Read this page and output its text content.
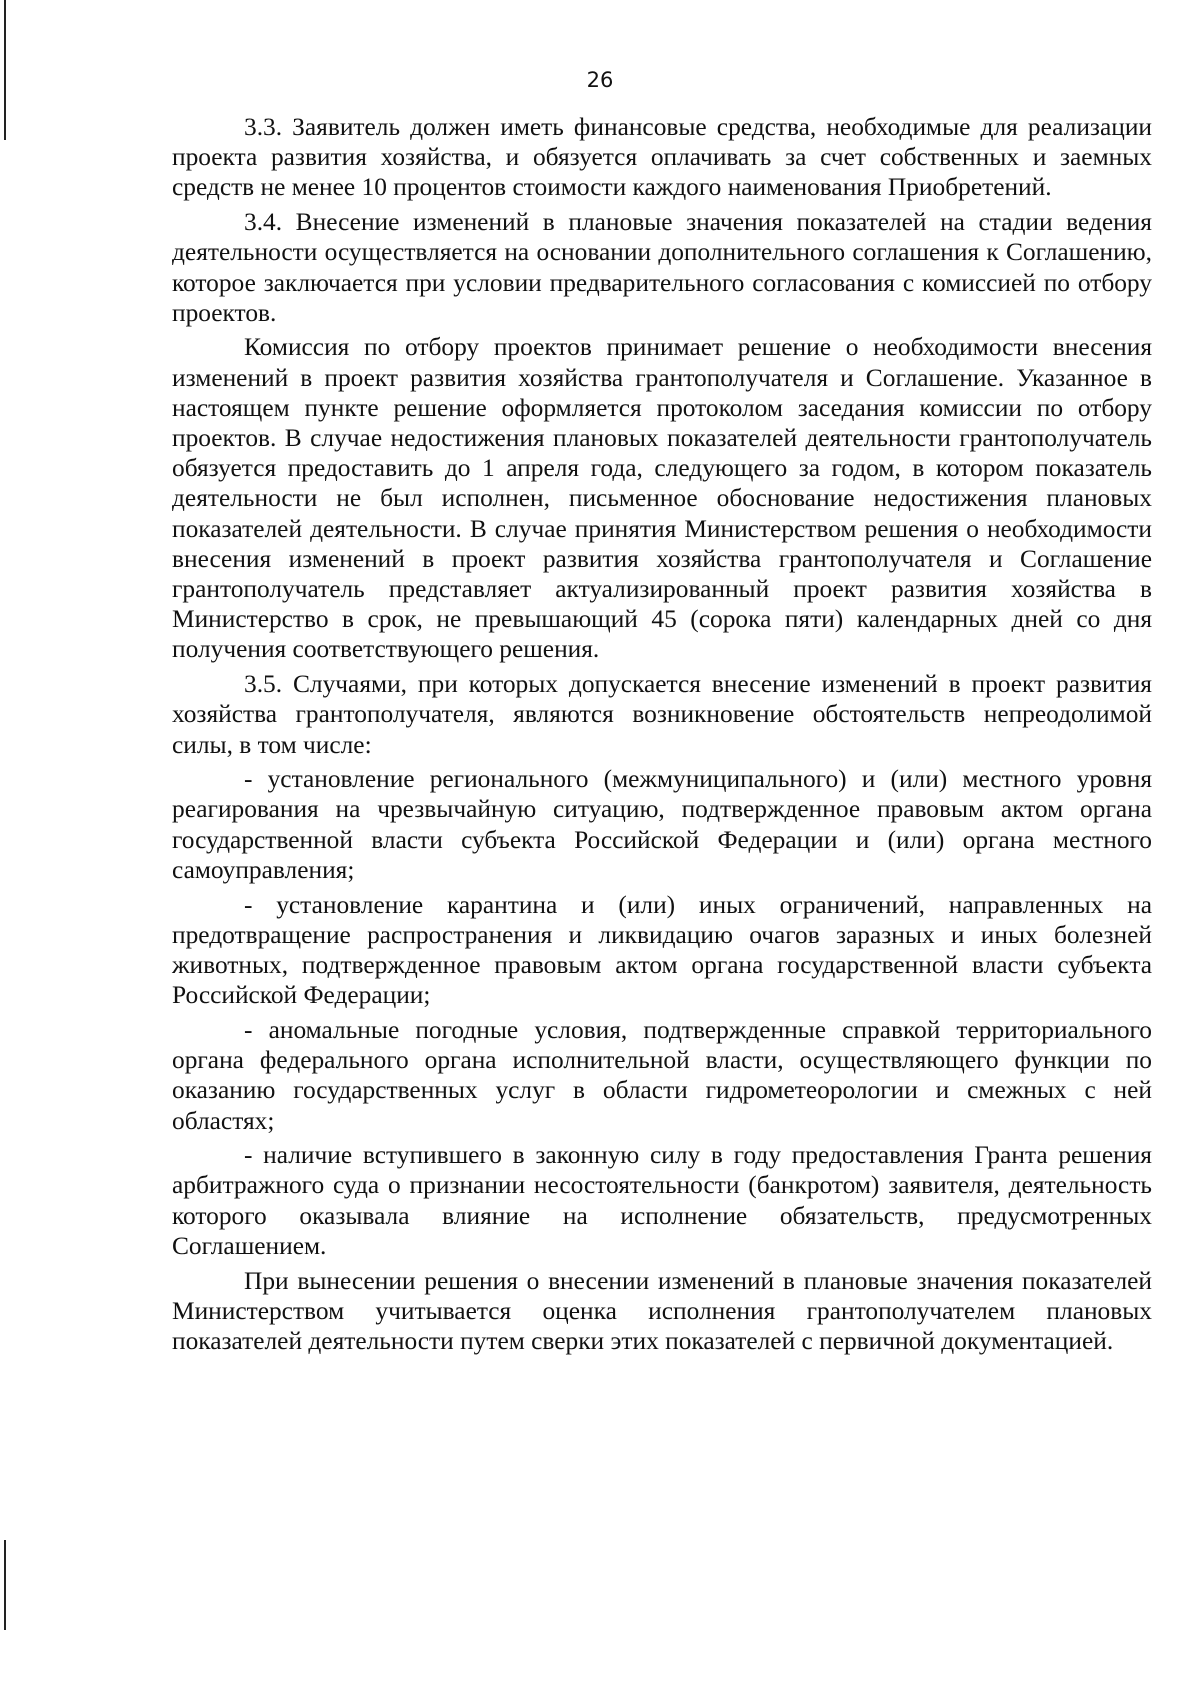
26

3.3. Заявитель должен иметь финансовые средства, необходимые для реализации проекта развития хозяйства, и обязуется оплачивать за счет собственных и заемных средств не менее 10 процентов стоимости каждого наименования Приобретений.

3.4. Внесение изменений в плановые значения показателей на стадии ведения деятельности осуществляется на основании дополнительного соглашения к Соглашению, которое заключается при условии предварительного согласования с комиссией по отбору проектов.

Комиссия по отбору проектов принимает решение о необходимости внесения изменений в проект развития хозяйства грантополучателя и Соглашение. Указанное в настоящем пункте решение оформляется протоколом заседания комиссии по отбору проектов. В случае недостижения плановых показателей деятельности грантополучатель обязуется предоставить до 1 апреля года, следующего за годом, в котором показатель деятельности не был исполнен, письменное обоснование недостижения плановых показателей деятельности. В случае принятия Министерством решения о необходимости внесения изменений в проект развития хозяйства грантополучателя и Соглашение грантополучатель представляет актуализированный проект развития хозяйства в Министерство в срок, не превышающий 45 (сорока пяти) календарных дней со дня получения соответствующего решения.

3.5. Случаями, при которых допускается внесение изменений в проект развития хозяйства грантополучателя, являются возникновение обстоятельств непреодолимой силы, в том числе:

- установление регионального (межмуниципального) и (или) местного уровня реагирования на чрезвычайную ситуацию, подтвержденное правовым актом органа государственной власти субъекта Российской Федерации и (или) органа местного самоуправления;

- установление карантина и (или) иных ограничений, направленных на предотвращение распространения и ликвидацию очагов заразных и иных болезней животных, подтвержденное правовым актом органа государственной власти субъекта Российской Федерации;

- аномальные погодные условия, подтвержденные справкой территориального органа федерального органа исполнительной власти, осуществляющего функции по оказанию государственных услуг в области гидрометеорологии и смежных с ней областях;

- наличие вступившего в законную силу в году предоставления Гранта решения арбитражного суда о признании несостоятельности (банкротом) заявителя, деятельность которого оказывала влияние на исполнение обязательств, предусмотренных Соглашением.

При вынесении решения о внесении изменений в плановые значения показателей Министерством учитывается оценка исполнения грантополучателем плановых показателей деятельности путем сверки этих показателей с первичной документацией.
